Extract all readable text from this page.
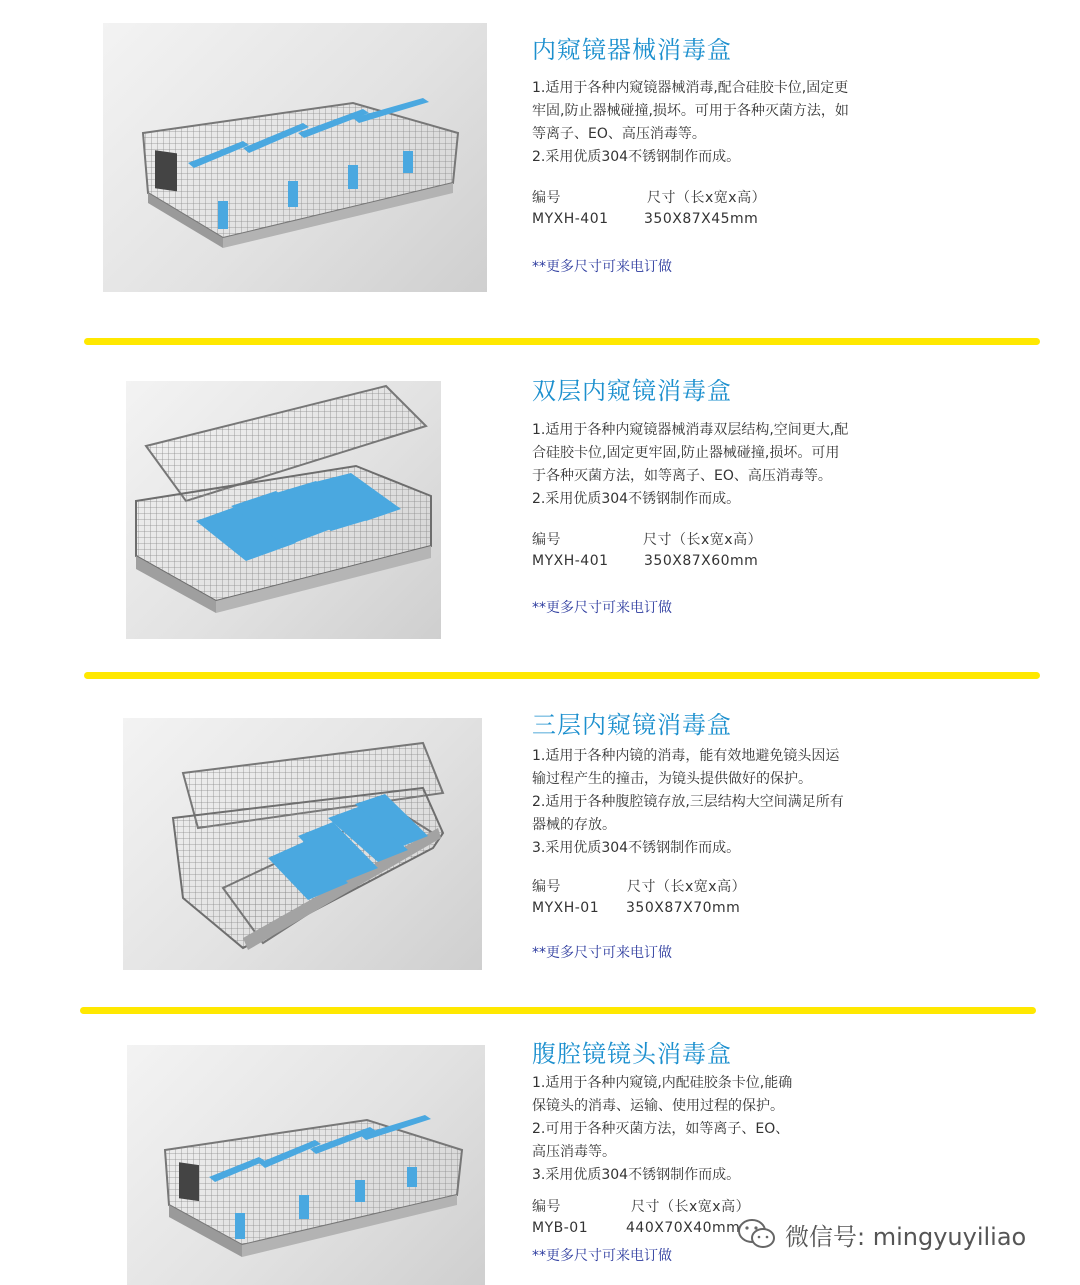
内窥镜器械消毒盒
1.适用于各种内窥镜器械消毒,配合硅胶卡位,固定更
牢固,防止器械碰撞,损坏。可用于各种灭菌方法，如
等离子、EO、高压消毒等。
2.采用优质304不锈钢制作而成。
编号	尺寸（长x宽x高）
MYXH-401	350X87X45mm
**更多尺寸可来电订做
双层内窥镜消毒盒
1.适用于各种内窥镜器械消毒双层结构,空间更大,配
合硅胶卡位,固定更牢固,防止器械碰撞,损坏。可用
于各种灭菌方法，如等离子、EO、高压消毒等。
2.采用优质304不锈钢制作而成。
编号	尺寸（长x宽x高）
MYXH-401	350X87X60mm
**更多尺寸可来电订做
三层内窥镜消毒盒
1.适用于各种内镜的消毒，能有效地避免镜头因运
输过程产生的撞击，为镜头提供做好的保护。
2.适用于各种腹腔镜存放,三层结构大空间满足所有
器械的存放。
3.采用优质304不锈钢制作而成。
编号	尺寸（长x宽x高）
MYXH-01 350X87X70mm
**更多尺寸可来电订做
腹腔镜镜头消毒盒
1.适用于各种内窥镜,内配硅胶条卡位,能确
保镜头的消毒、运输、使用过程的保护。
2.可用于各种灭菌方法，如等离子、EO、
高压消毒等。
3.采用优质304不锈钢制作而成。
编号	尺寸（长x宽x高）
MYB-01	440X70X40mm
**更多尺寸可来电订做
微信号: mingyuyiliao
